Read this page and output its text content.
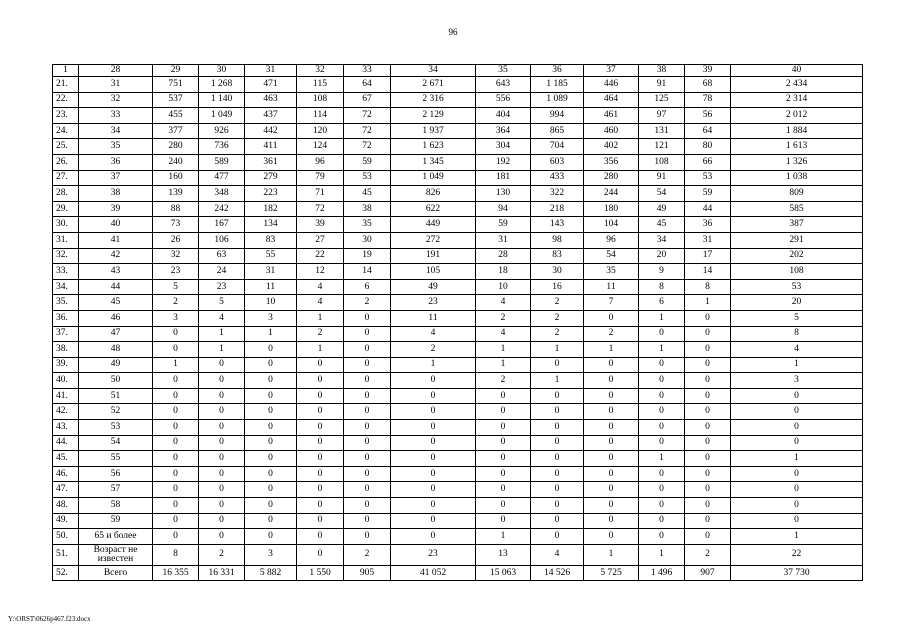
96
1	28	29	30	31	32	33	34	35	36	37	38	39	40
21.	31	751	1 268	471	115	64	2 671	643	1 185	446	91	68	2 434
22.	32	537	1 140	463	108	67	2 316	556	1 089	464	125	78	2 314
23.	33	455	1 049	437	114	72	2 129	404	994	461	97	56	2 012
24.	34	377	926	442	120	72	1 937	364	865	460	131	64	1 884
25.	35	280	736	411	124	72	1 623	304	704	402	121	80	1 613
26.	36	240	589	361	96	59	1 345	192	603	356	108	66	1 326
27.	37	160	477	279	79	53	1 049	181	433	280	91	53	1 038
28.	38	139	348	223	71	45	826	130	322	244	54	59	809
29.	39	88	242	182	72	38	622	94	218	180	49	44	585
30.	40	73	167	134	39	35	449	59	143	104	45	36	387
31.	41	26	106	83	27	30	272	31	98	96	34	31	291
32.	42	32	63	55	22	19	191	28	83	54	20	17	202
33.	43	23	24	31	12	14	105	18	30	35	9	14	108
34.	44	5	23	11	4	6	49	10	16	11	8	8	53
35.	45	2	5	10	4	2	23	4	2	7	6	1	20
36.	46	3	4	3	1	0	11	2	2	0	1	0	5
37.	47	0	1	1	2	0	4	4	2	2	0	0	8
38.	48	0	1	0	1	0	2	1	1	1	1	0	4
39.	49	1	0	0	0	0	1	1	0	0	0	0	1
40.	50	0	0	0	0	0	0	2	1	0	0	0	3
41.	51	0	0	0	0	0	0	0	0	0	0	0	0
42.	52	0	0	0	0	0	0	0	0	0	0	0	0
43.	53	0	0	0	0	0	0	0	0	0	0	0	0
44.	54	0	0	0	0	0	0	0	0	0	0	0	0
45.	55	0	0	0	0	0	0	0	0	0	1	0	1
46.	56	0	0	0	0	0	0	0	0	0	0	0	0
47.	57	0	0	0	0	0	0	0	0	0	0	0	0
48.	58	0	0	0	0	0	0	0	0	0	0	0	0
49.	59	0	0	0	0	0	0	0	0	0	0	0	0
50.	65 и более	0	0	0	0	0	0	1	0	0	0	0	1
51.	Возраст не известен	8	2	3	0	2	23	13	4	1	1	2	22
52.	Всего	16 355	16 331	5 882	1 550	905	41 052	15 063	14 526	5 725	1 496	907	37 730
Y:\ORST\0626p467.f23.docx
